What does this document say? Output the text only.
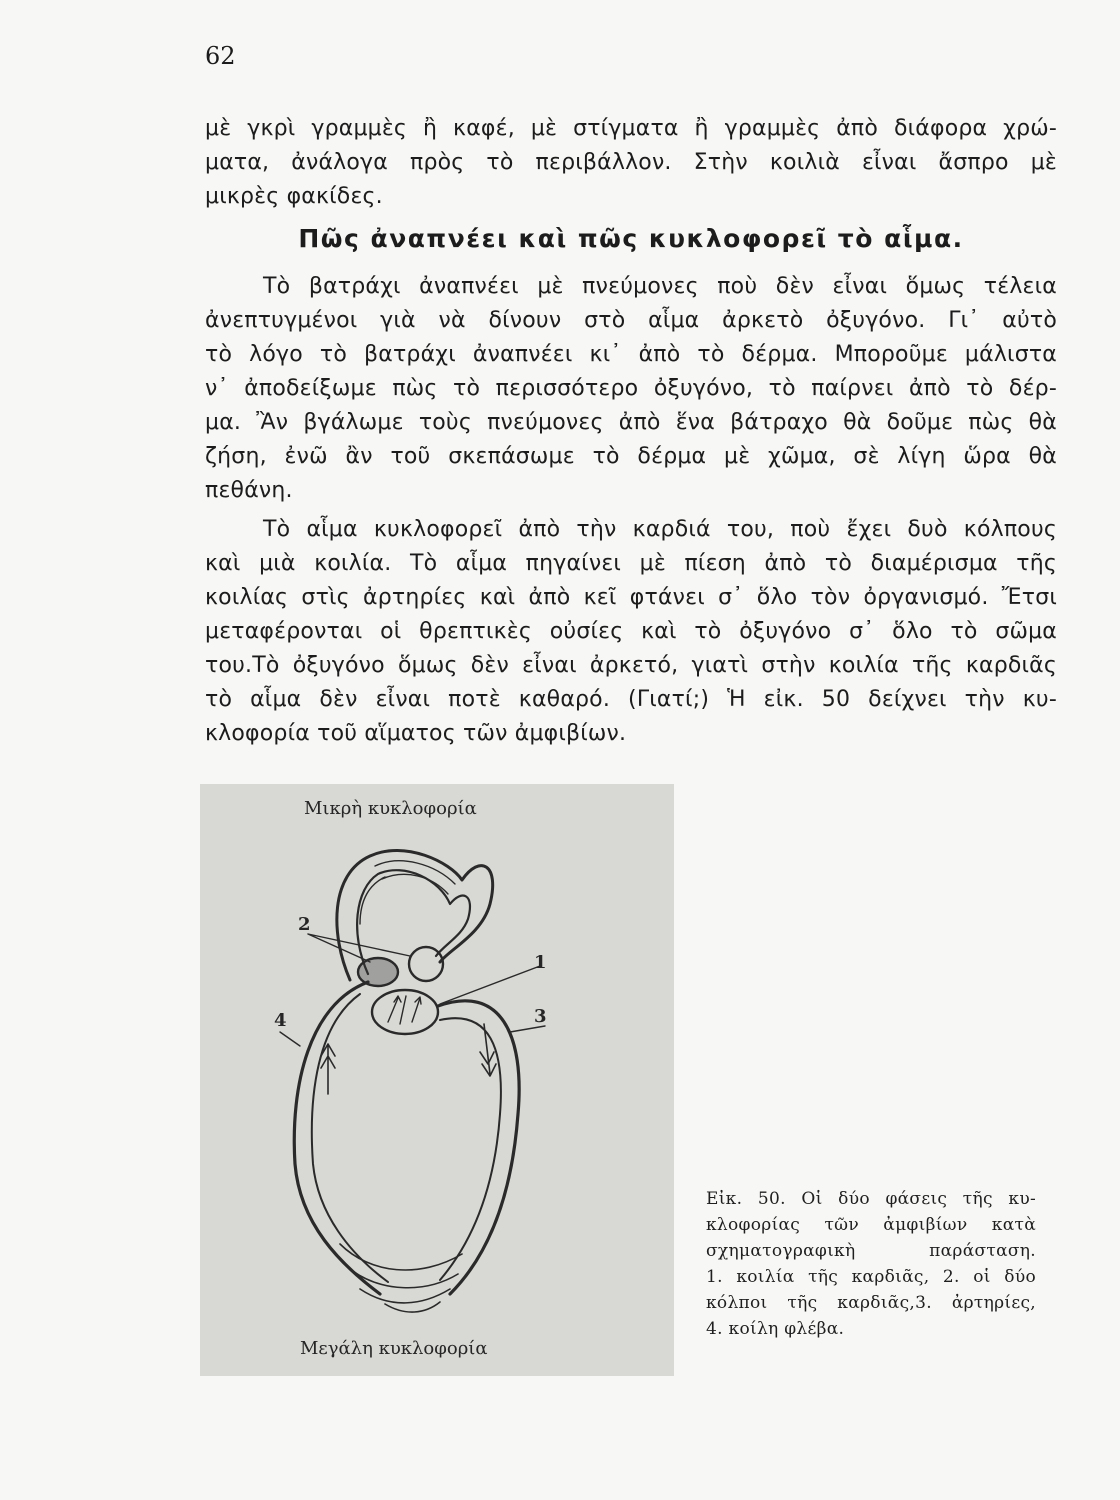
62
μὲ γκρὶ γραμμὲς ἢ καφέ, μὲ στίγματα ἢ γραμμὲς ἀπὸ διάφορα χρώ-
ματα, ἀνάλογα πρὸς τὸ περιβάλλον. Στὴν κοιλιὰ εἶναι ἄσπρο μὲ
μικρὲς φακίδες.
Πῶς ἀναπνέει καὶ πῶς κυκλοφορεῖ τὸ αἷμα.
Τὸ βατράχι ἀναπνέει μὲ πνεύμονες ποὺ δὲν εἶναι ὅμως τέλεια
ἀνεπτυγμένοι γιὰ νὰ δίνουν στὸ αἷμα ἀρκετὸ ὀξυγόνο. Γι᾿ αὐτὸ
τὸ λόγο τὸ βατράχι ἀναπνέει κι᾿ ἀπὸ τὸ δέρμα. Μποροῦμε μάλιστα
ν᾿ ἀποδείξωμε πὼς τὸ περισσότερο ὀξυγόνο, τὸ παίρνει ἀπὸ τὸ δέρ-
μα. Ἂν βγάλωμε τοὺς πνεύμονες ἀπὸ ἕνα βάτραχο θὰ δοῦμε πὼς θὰ
ζήση, ἐνῶ ἂν τοῦ σκεπάσωμε τὸ δέρμα μὲ χῶμα, σὲ λίγη ὥρα θὰ
πεθάνη.
Τὸ αἷμα κυκλοφορεῖ ἀπὸ τὴν καρδιά του, ποὺ ἔχει δυὸ κόλπους
καὶ μιὰ κοιλία. Τὸ αἷμα πηγαίνει μὲ πίεση ἀπὸ τὸ διαμέρισμα τῆς
κοιλίας στὶς ἀρτηρίες καὶ ἀπὸ κεῖ φτάνει σ᾿ ὅλο τὸν ὀργανισμό. Ἔτσι
μεταφέρονται οἱ θρεπτικὲς οὐσίες καὶ τὸ ὀξυγόνο σ᾿ ὅλο τὸ σῶμα
του.Τὸ ὀξυγόνο ὅμως δὲν εἶναι ἀρκετό, γιατὶ στὴν κοιλία τῆς καρδιᾶς
τὸ αἷμα δὲν εἶναι ποτὲ καθαρό. (Γιατί;) Ἡ εἰκ. 50 δείχνει τὴν κυ-
κλοφορία τοῦ αἵματος τῶν ἀμφιβίων.
Μικρὴ κυκλοφορία
Μεγάλη κυκλοφορία
2
1
3
4
Εἰκ. 50. Οἱ δύο φάσεις τῆς κυ-
κλοφορίας τῶν ἀμφιβίων κατὰ
σχηματογραφικὴ παράσταση.
1. κοιλία τῆς καρδιᾶς, 2. οἱ δύο
κόλποι τῆς καρδιᾶς,3. ἀρτηρίες,
4. κοίλη φλέβα.
